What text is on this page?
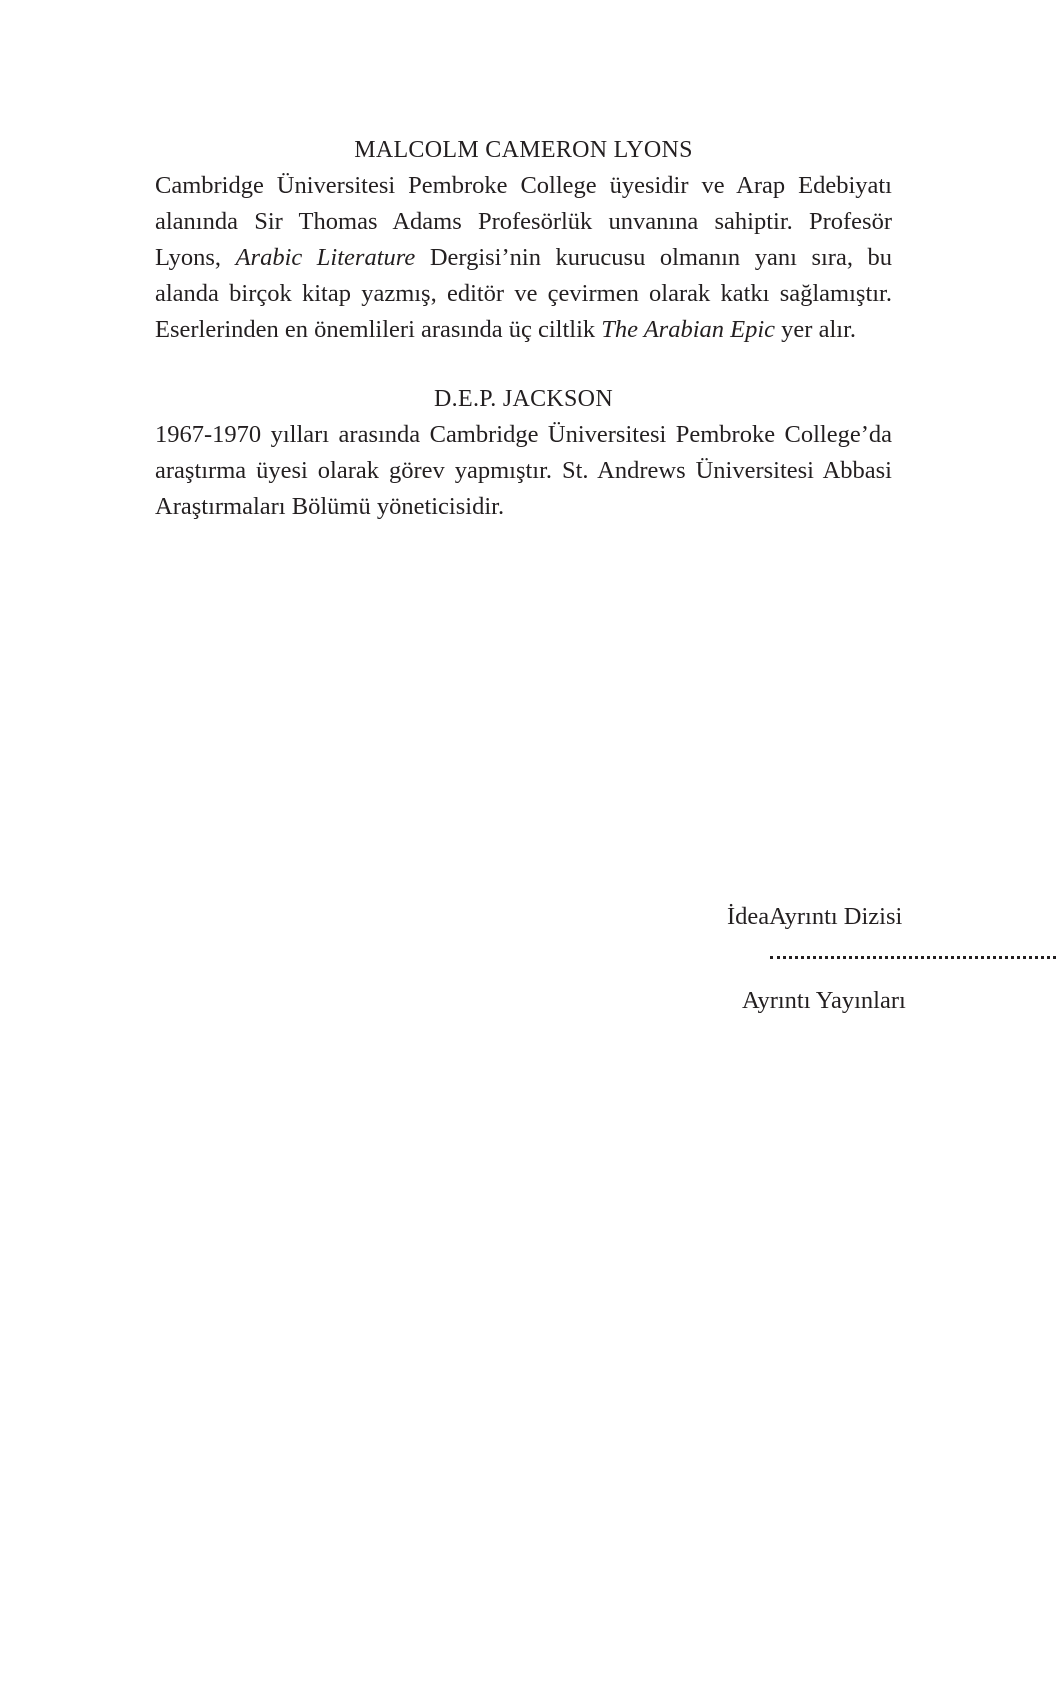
MALCOLM CAMERON LYONS

Cambridge Üniversitesi Pembroke College üyesidir ve Arap Edebiyatı alanında Sir Thomas Adams Profesörlük unvanına sahiptir. Profesör Lyons, Arabic Literature Dergisi’nin kurucusu olmanın yanı sıra, bu alanda birçok kitap yazmış, editör ve çevirmen olarak katkı sağlamıştır. Eserlerinden en önemlileri arasında üç ciltlik The Arabian Epic yer alır.

D.E.P. JACKSON

1967-1970 yılları arasında Cambridge Üniversitesi Pembroke College’da araştırma üyesi olarak görev yapmıştır. St. Andrews Üniversitesi Abbasi Araştırmaları Bölümü yöneticisidir.

İdeaAyrıntı Dizisi
Ayrıntı Yayınları
